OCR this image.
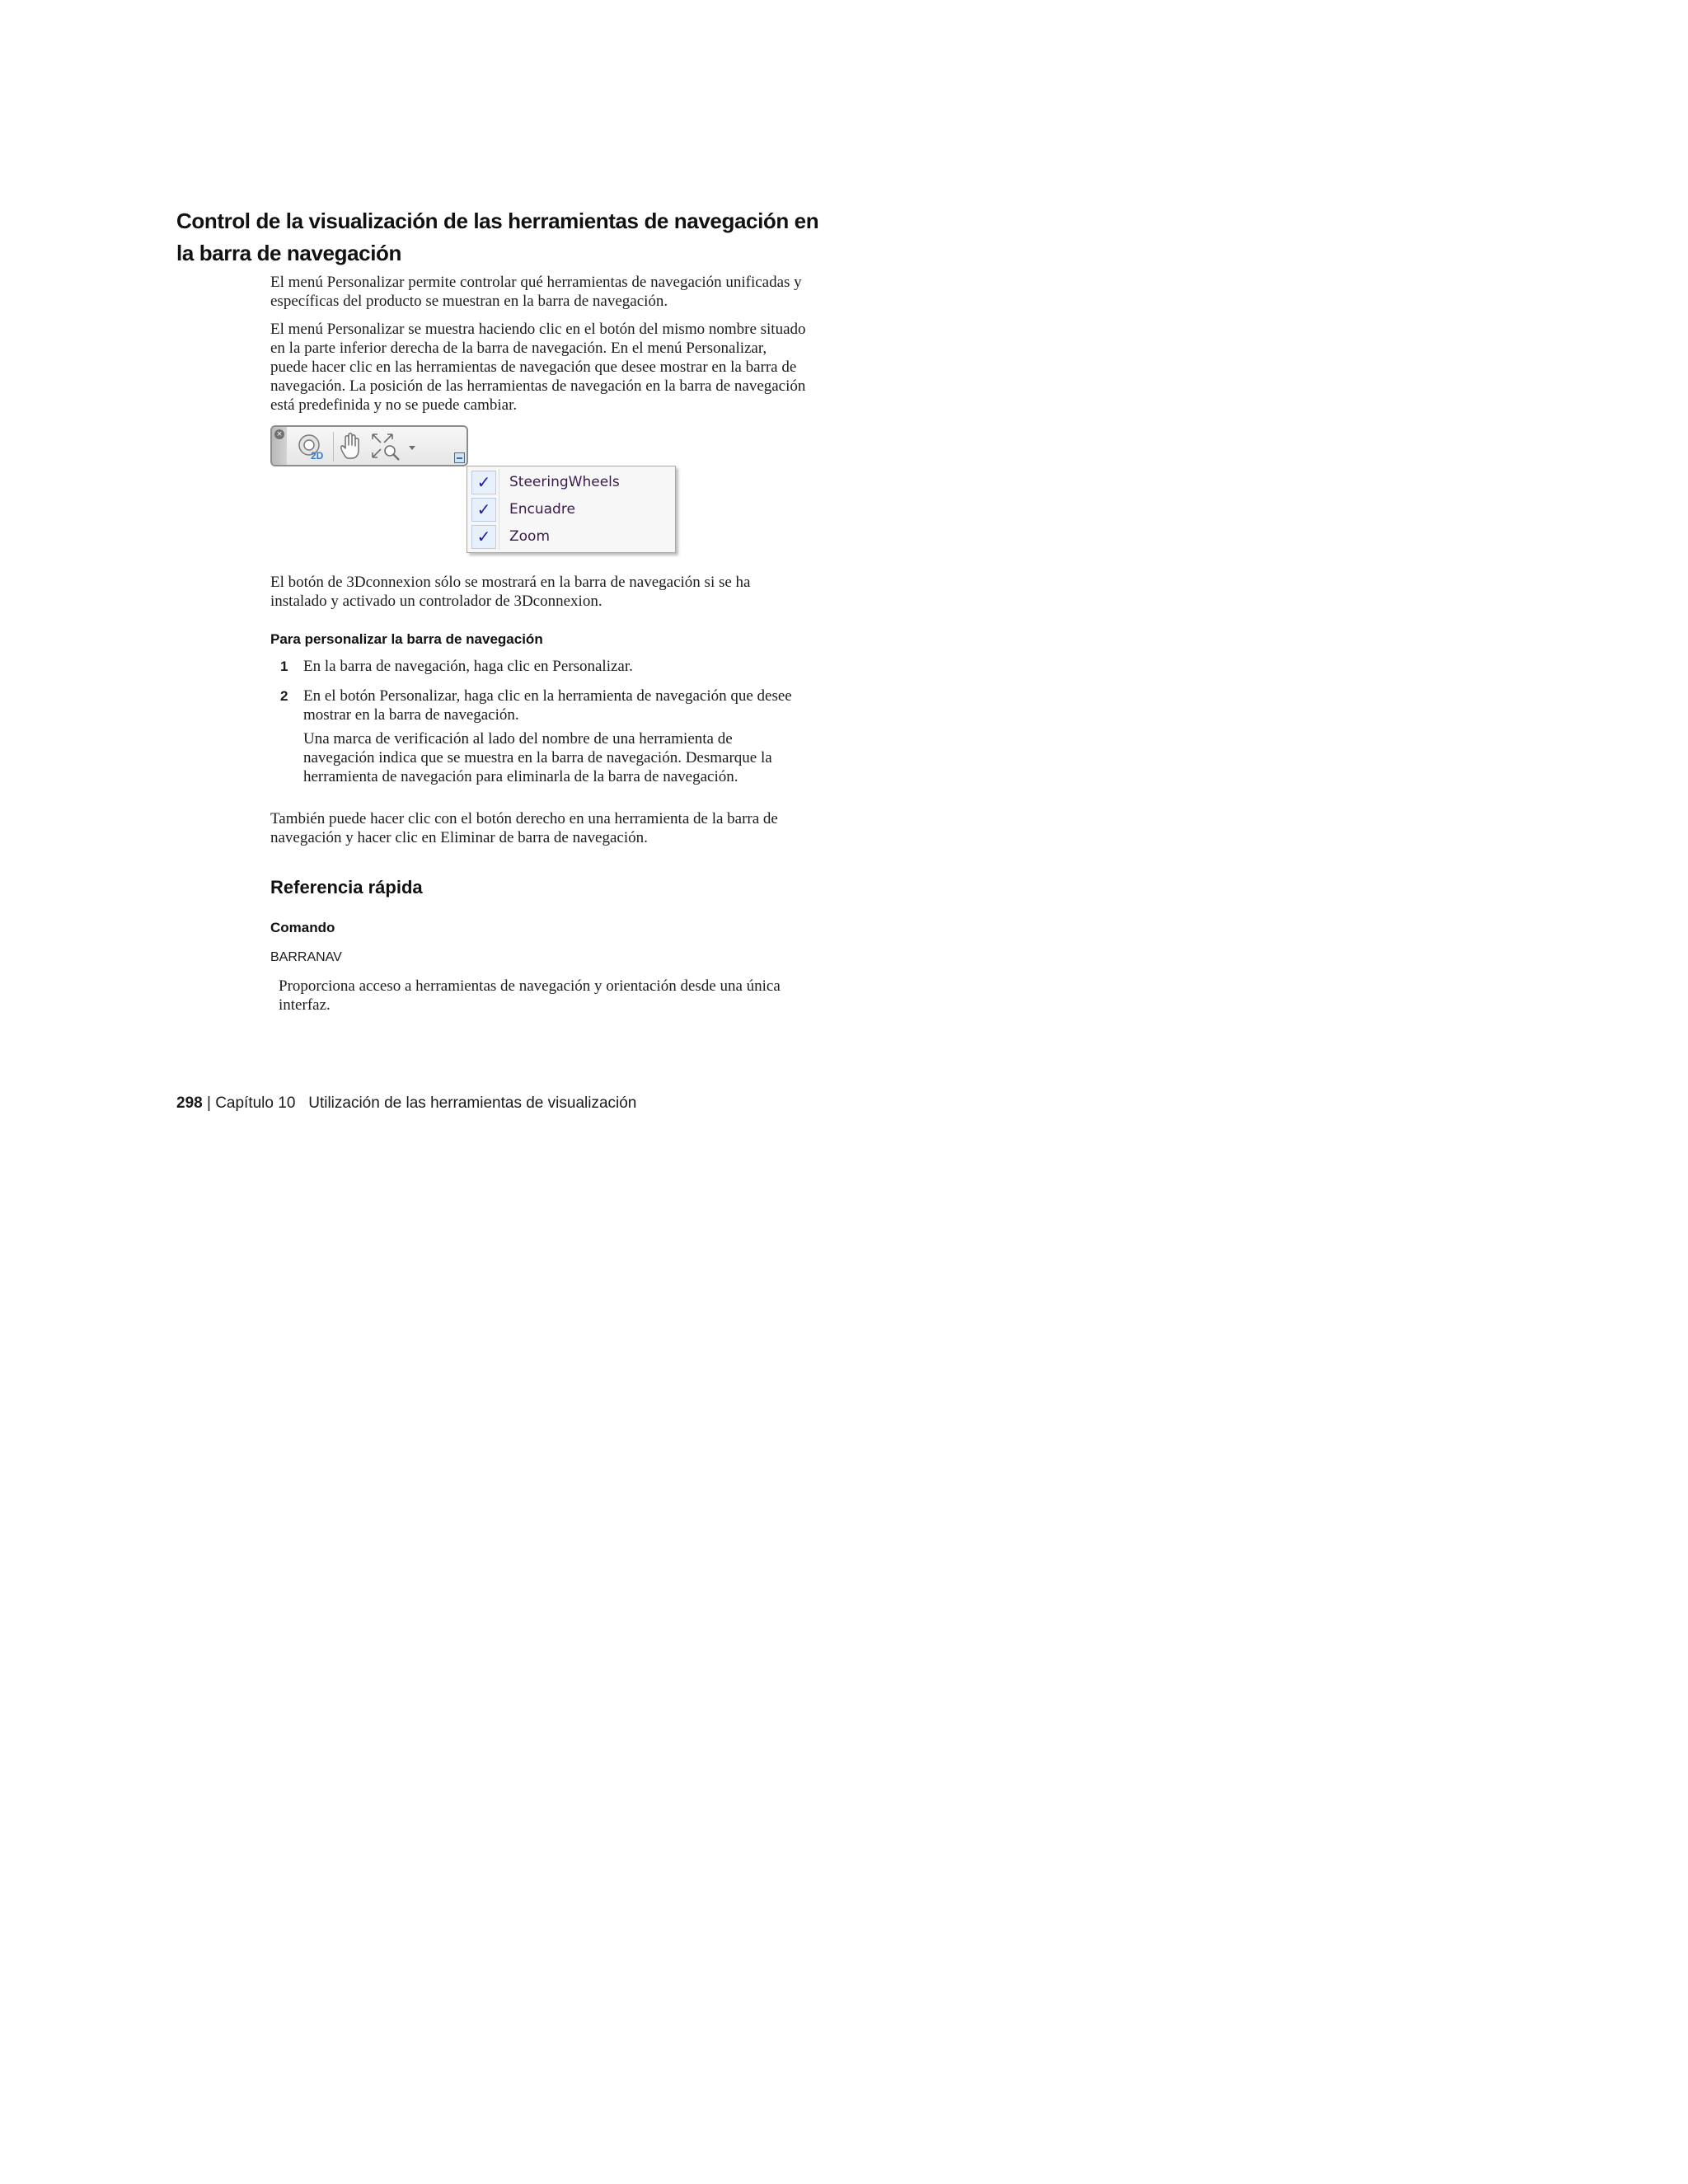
Control de la visualización de las herramientas de navegación en la barra de navegación
El menú Personalizar permite controlar qué herramientas de navegación unificadas y específicas del producto se muestran en la barra de navegación.
El menú Personalizar se muestra haciendo clic en el botón del mismo nombre situado en la parte inferior derecha de la barra de navegación. En el menú Personalizar, puede hacer clic en las herramientas de navegación que desee mostrar en la barra de navegación. La posición de las herramientas de navegación en la barra de navegación está predefinida y no se puede cambiar.
×
2D
✓	SteeringWheels
✓	Encuadre
✓	Zoom
El botón de 3Dconnexion sólo se mostrará en la barra de navegación si se ha instalado y activado un controlador de 3Dconnexion.
Para personalizar la barra de navegación
1 En la barra de navegación, haga clic en Personalizar.
2 En el botón Personalizar, haga clic en la herramienta de navegación que desee mostrar en la barra de navegación.
Una marca de verificación al lado del nombre de una herramienta de navegación indica que se muestra en la barra de navegación. Desmarque la herramienta de navegación para eliminarla de la barra de navegación.
También puede hacer clic con el botón derecho en una herramienta de la barra de navegación y hacer clic en Eliminar de barra de navegación.
Referencia rápida
Comando
BARRANAV
Proporciona acceso a herramientas de navegación y orientación desde una única interfaz.
298 | Capítulo 10 Utilización de las herramientas de visualización
